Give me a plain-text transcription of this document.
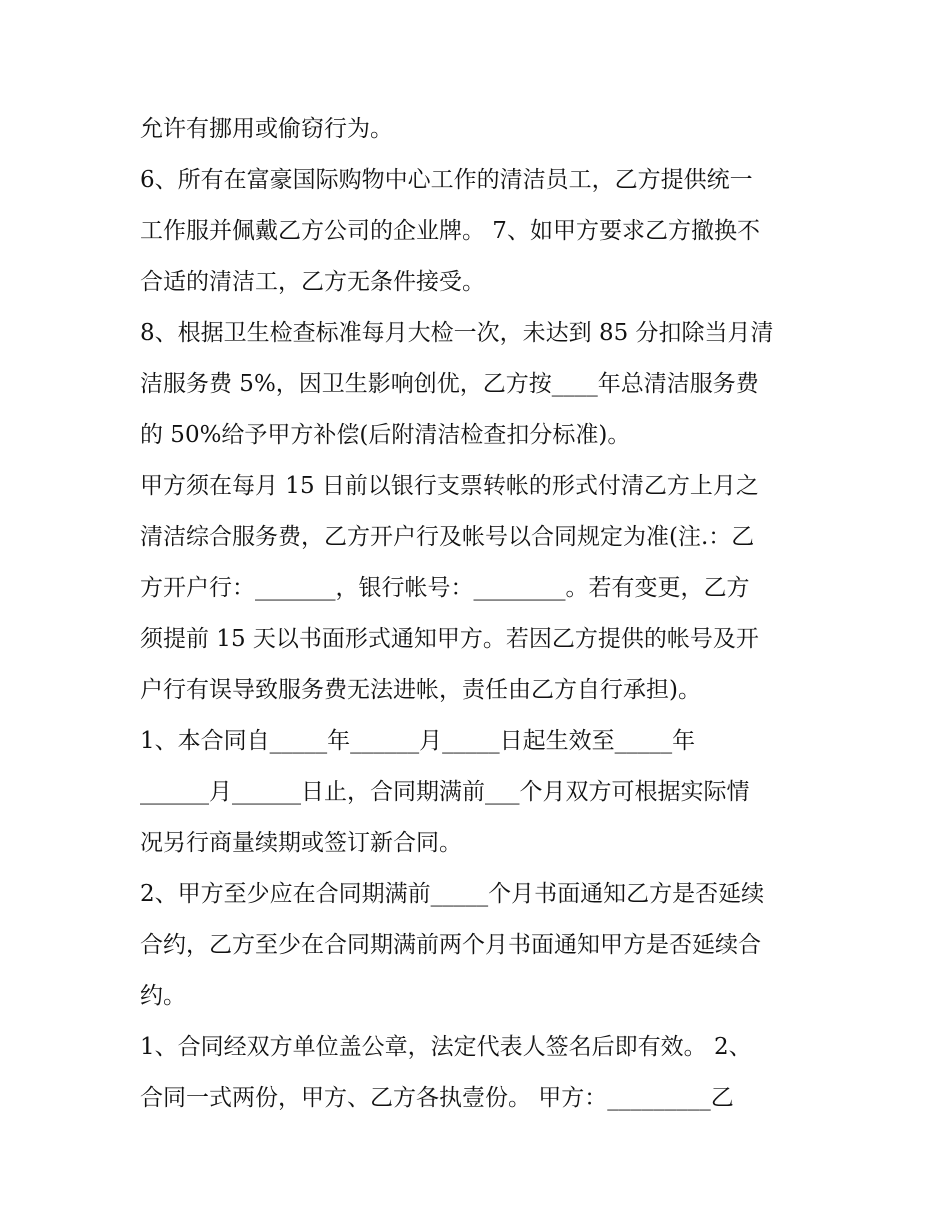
允许有挪用或偷窃行为。
6、所有在富豪国际购物中心工作的清洁员工，乙方提供统一
工作服并佩戴乙方公司的企业牌。 7、如甲方要求乙方撤换不
合适的清洁工，乙方无条件接受。
8、根据卫生检查标准每月大检一次，未达到 85 分扣除当月清
洁服务费 5%，因卫生影响创优，乙方按____年总清洁服务费
的 50%给予甲方补偿(后附清洁检查扣分标准)。
甲方须在每月 15 日前以银行支票转帐的形式付清乙方上月之
清洁综合服务费，乙方开户行及帐号以合同规定为准(注.：乙
方开户行：_______，银行帐号：________。若有变更，乙方
须提前 15 天以书面形式通知甲方。若因乙方提供的帐号及开
户行有误导致服务费无法进帐，责任由乙方自行承担)。
1、本合同自_____年______月_____日起生效至_____年
______月______日止，合同期满前___个月双方可根据实际情
况另行商量续期或签订新合同。
2、甲方至少应在合同期满前_____个月书面通知乙方是否延续
合约，乙方至少在合同期满前两个月书面通知甲方是否延续合
约。
1、合同经双方单位盖公章，法定代表人签名后即有效。 2、
合同一式两份，甲方、乙方各执壹份。 甲方：_________乙
